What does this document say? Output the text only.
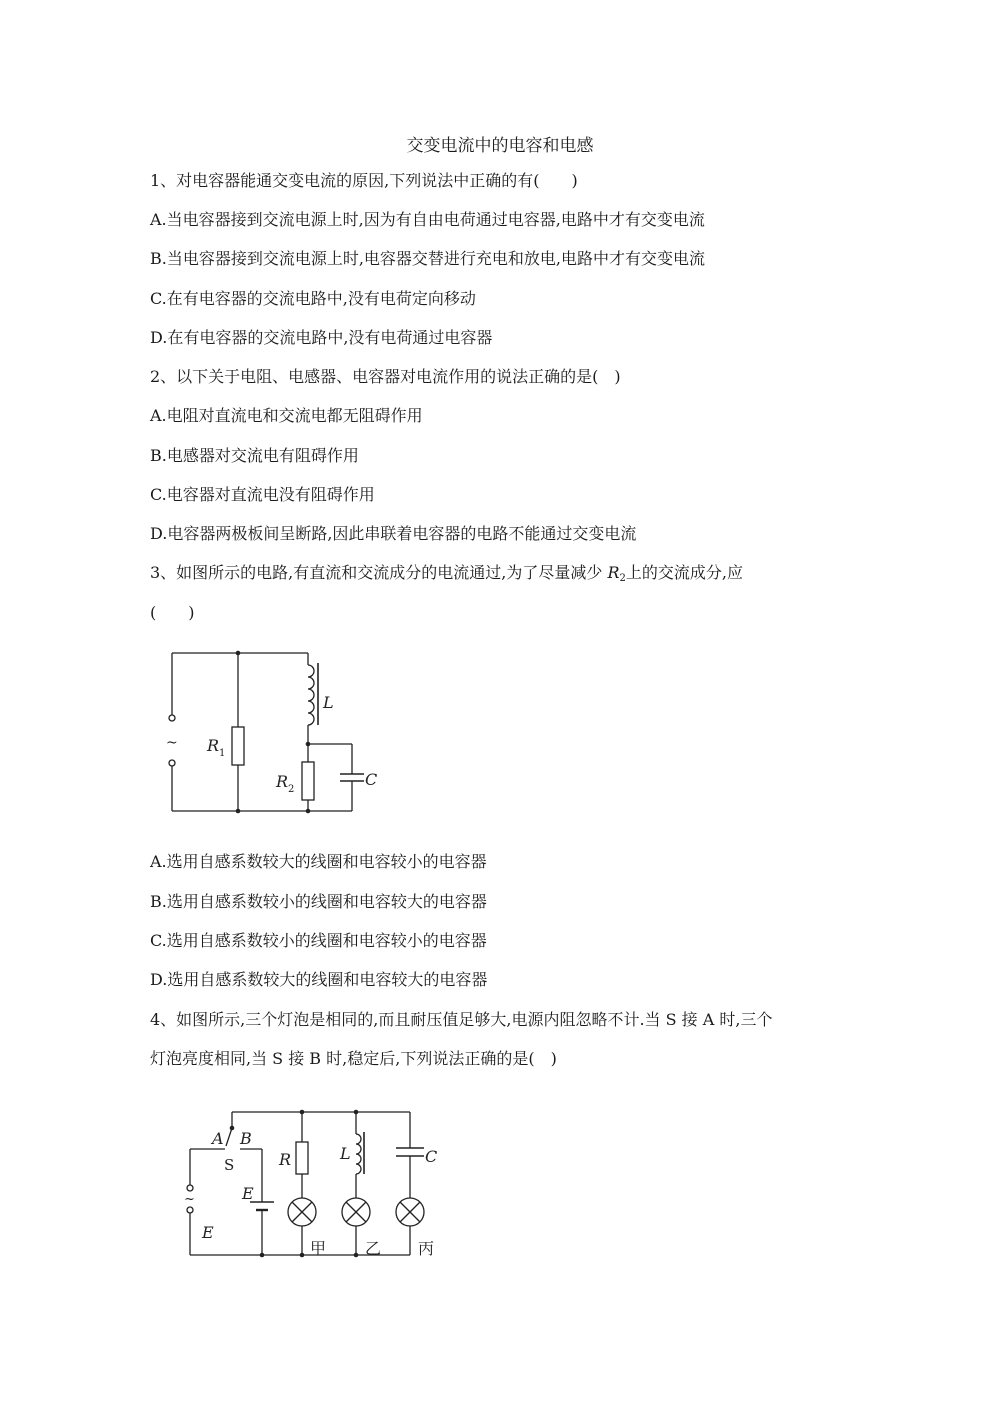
交变电流中的电容和电感
1、对电容器能通交变电流的原因,下列说法中正确的有(　　)
A.当电容器接到交流电源上时,因为有自由电荷通过电容器,电路中才有交变电流
B.当电容器接到交流电源上时,电容器交替进行充电和放电,电路中才有交变电流
C.在有电容器的交流电路中,没有电荷定向移动
D.在有电容器的交流电路中,没有电荷通过电容器
2、以下关于电阻、电感器、电容器对电流作用的说法正确的是(　)
A.电阻对直流电和交流电都无阻碍作用
B.电感器对交流电有阻碍作用
C.电容器对直流电没有阻碍作用
D.电容器两极板间呈断路,因此串联着电容器的电路不能通过交变电流
3、如图所示的电路,有直流和交流成分的电流通过,为了尽量减少 $R_2$上的交流成分,应
(　　)
~ R 1
R 2
L
C
A.选用自感系数较大的线圈和电容较小的电容器
B.选用自感系数较小的线圈和电容较大的电容器
C.选用自感系数较小的线圈和电容较小的电容器
D.选用自感系数较大的线圈和电容较大的电容器
4、如图所示,三个灯泡是相同的,而且耐压值足够大,电源内阻忽略不计.当 S 接 A 时,三个
灯泡亮度相同,当 S 接 B 时,稳定后,下列说法正确的是(　)
A B
S
~
E
E
R	L	C
甲 乙 丙
